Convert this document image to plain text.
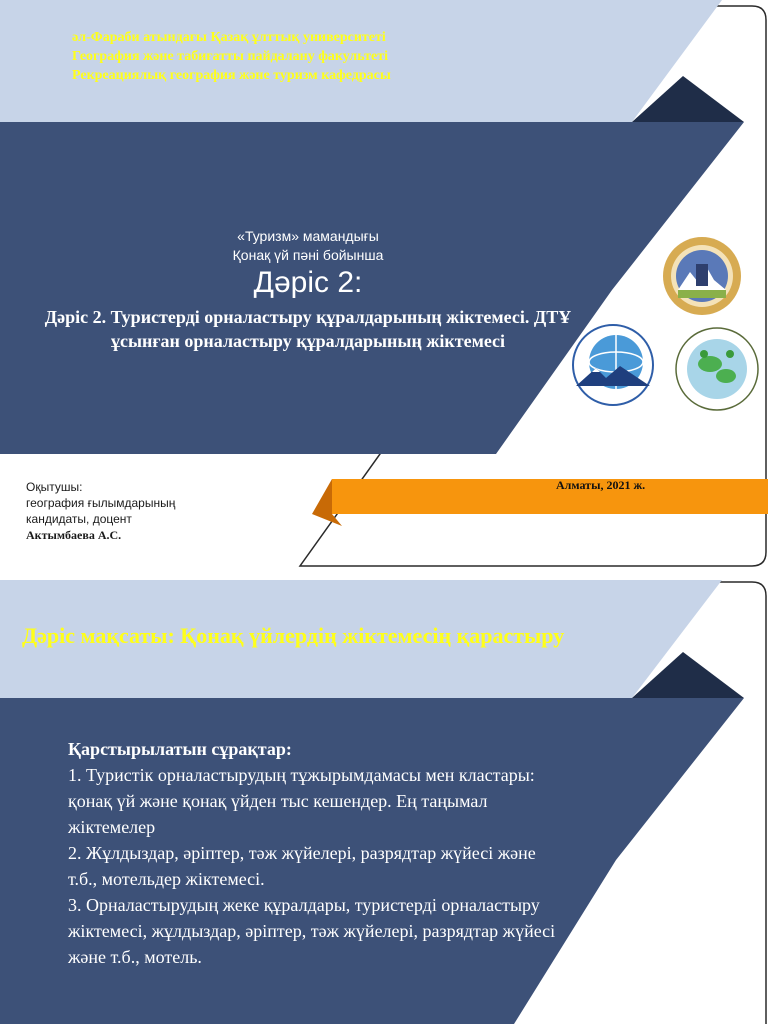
әл-Фараби атындағы Қазақ ұлттық университеті
География және табиғатты пайдалану факультеті
Рекреациялық география және туризм кафедрасы
«Туризм» мамандығы
Қонақ үй пәні бойынша
Дәріс 2:
Дәріс 2. Туристерді орналастыру құралдарының жіктемесі. ДТҰ ұсынған орналастыру құралдарының жіктемесі
Оқытушы:
география ғылымдарының
кандидаты, доцент
Актымбаева А.С.
Алматы, 2021 ж.
Дәріс мақсаты: Қонақ үйлердің жіктемесің қарастыру
Қарстырылатын сұрақтар:
1. Туристік орналастырудың тұжырымдамасы мен кластары: қонақ үй және қонақ үйден тыс кешендер. Ең таңымал жіктемелер
2. Жұлдыздар, әріптер, тәж жүйелері, разрядтар жүйесі және т.б., мотельдер жіктемесі.
3. Орналастырудың жеке құралдары, туристерді орналастыру жіктемесі, жұлдыздар, әріптер, тәж жүйелері, разрядтар жүйесі және т.б., мотель.
